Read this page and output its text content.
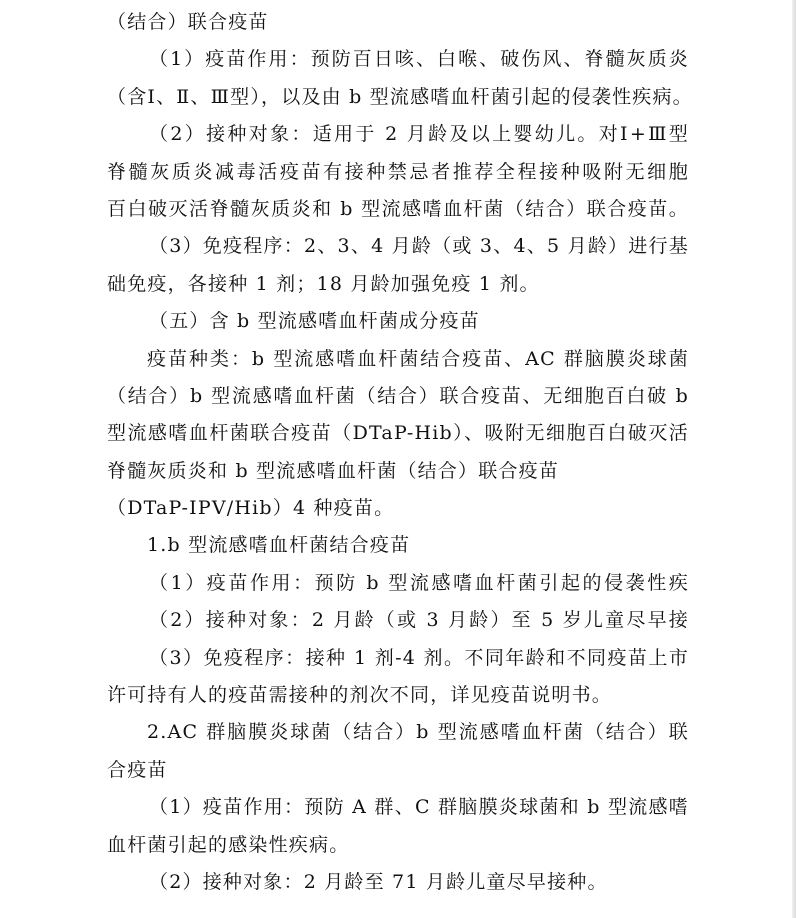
（结合）联合疫苗
（1）疫苗作用：预防百日咳、白喉、破伤风、脊髓灰质炎
（含Ⅰ、Ⅱ、Ⅲ型），以及由 b 型流感嗜血杆菌引起的侵袭性疾病。
（2）接种对象：适用于 2 月龄及以上婴幼儿。对Ⅰ+Ⅲ型
脊髓灰质炎减毒活疫苗有接种禁忌者推荐全程接种吸附无细胞
百白破灭活脊髓灰质炎和 b 型流感嗜血杆菌（结合）联合疫苗。
（3）免疫程序：2、3、4 月龄（或 3、4、5 月龄）进行基
础免疫，各接种 1 剂；18 月龄加强免疫 1 剂。
（五）含 b 型流感嗜血杆菌成分疫苗
疫苗种类：b 型流感嗜血杆菌结合疫苗、AC 群脑膜炎球菌
（结合）b 型流感嗜血杆菌（结合）联合疫苗、无细胞百白破 b
型流感嗜血杆菌联合疫苗（DTaP-Hib）、吸附无细胞百白破灭活
脊髓灰质炎和 b 型流感嗜血杆菌（结合）联合疫苗
（DTaP-IPV/Hib）4 种疫苗。
1.b 型流感嗜血杆菌结合疫苗
（1）疫苗作用：预防 b 型流感嗜血杆菌引起的侵袭性疾
（2）接种对象：2 月龄（或 3 月龄）至 5 岁儿童尽早接
（3）免疫程序：接种 1 剂-4 剂。不同年龄和不同疫苗上市
许可持有人的疫苗需接种的剂次不同，详见疫苗说明书。
2.AC 群脑膜炎球菌（结合）b 型流感嗜血杆菌（结合）联
合疫苗
（1）疫苗作用：预防 A 群、C 群脑膜炎球菌和 b 型流感嗜
血杆菌引起的感染性疾病。
（2）接种对象：2 月龄至 71 月龄儿童尽早接种。
